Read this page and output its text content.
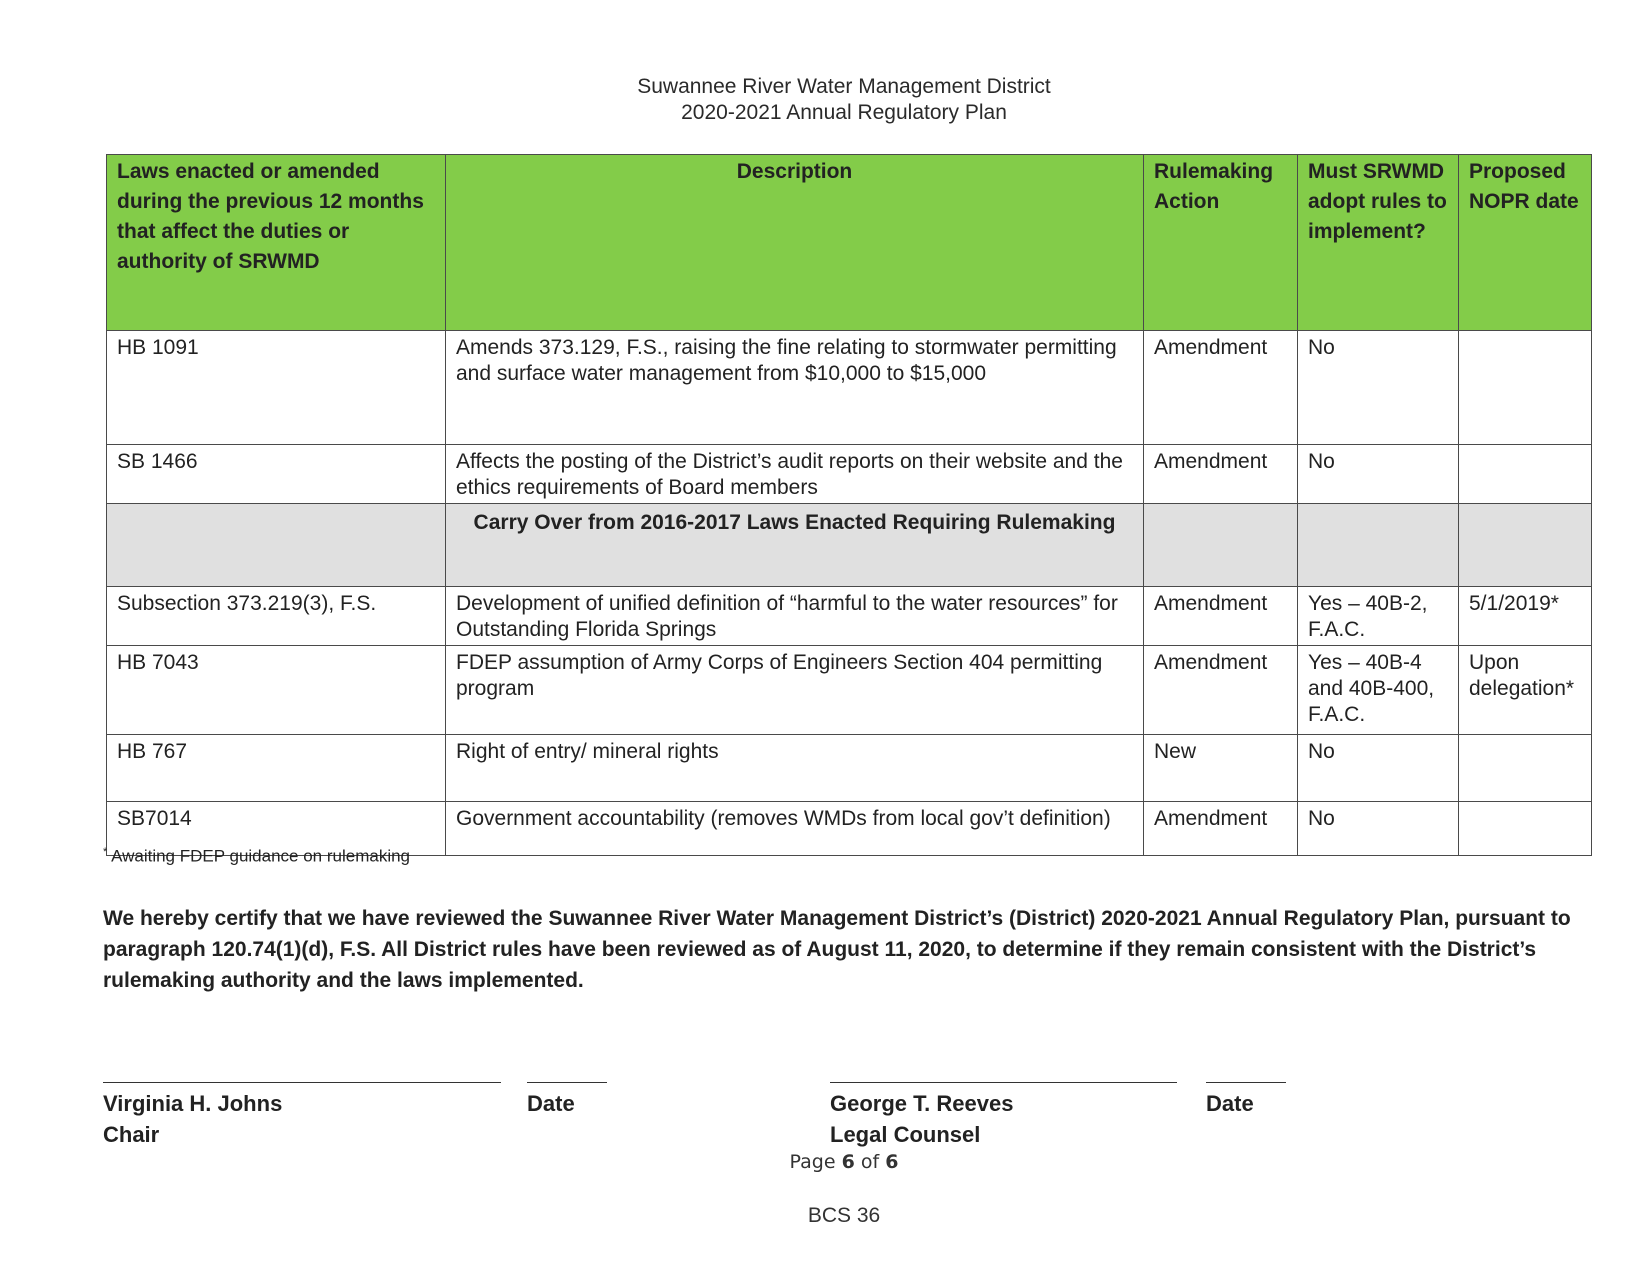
Suwannee River Water Management District
2020-2021 Annual Regulatory Plan
Laws enacted or amended during the previous 12 months that affect the duties or authority of SRWMD	Description	Rulemaking Action	Must SRWMD adopt rules to implement?	Proposed NOPR date
HB 1091	Amends 373.129, F.S., raising the fine relating to stormwater permitting and surface water management from $10,000 to $15,000	Amendment	No	
SB 1466	Affects the posting of the District’s audit reports on their website and the ethics requirements of Board members	Amendment	No	
	Carry Over from 2016-2017 Laws Enacted Requiring Rulemaking			
Subsection 373.219(3), F.S.	Development of unified definition of “harmful to the water resources” for Outstanding Florida Springs	Amendment	Yes – 40B-2, F.A.C.	5/1/2019*
HB 7043	FDEP assumption of Army Corps of Engineers Section 404 permitting program	Amendment	Yes – 40B-4 and 40B-400, F.A.C.	Upon delegation*
HB 767	Right of entry/ mineral rights	New	No	
SB7014	Government accountability (removes WMDs from local gov’t definition)	Amendment	No	
* Awaiting FDEP guidance on rulemaking
We hereby certify that we have reviewed the Suwannee River Water Management District’s (District) 2020-2021 Annual Regulatory Plan, pursuant to paragraph 120.74(1)(d), F.S. All District rules have been reviewed as of August 11, 2020, to determine if they remain consistent with the District’s rulemaking authority and the laws implemented.
Virginia H. Johns
Chair
Date	George T. Reeves
Legal Counsel
Date
Page 6 of 6
BCS 36
